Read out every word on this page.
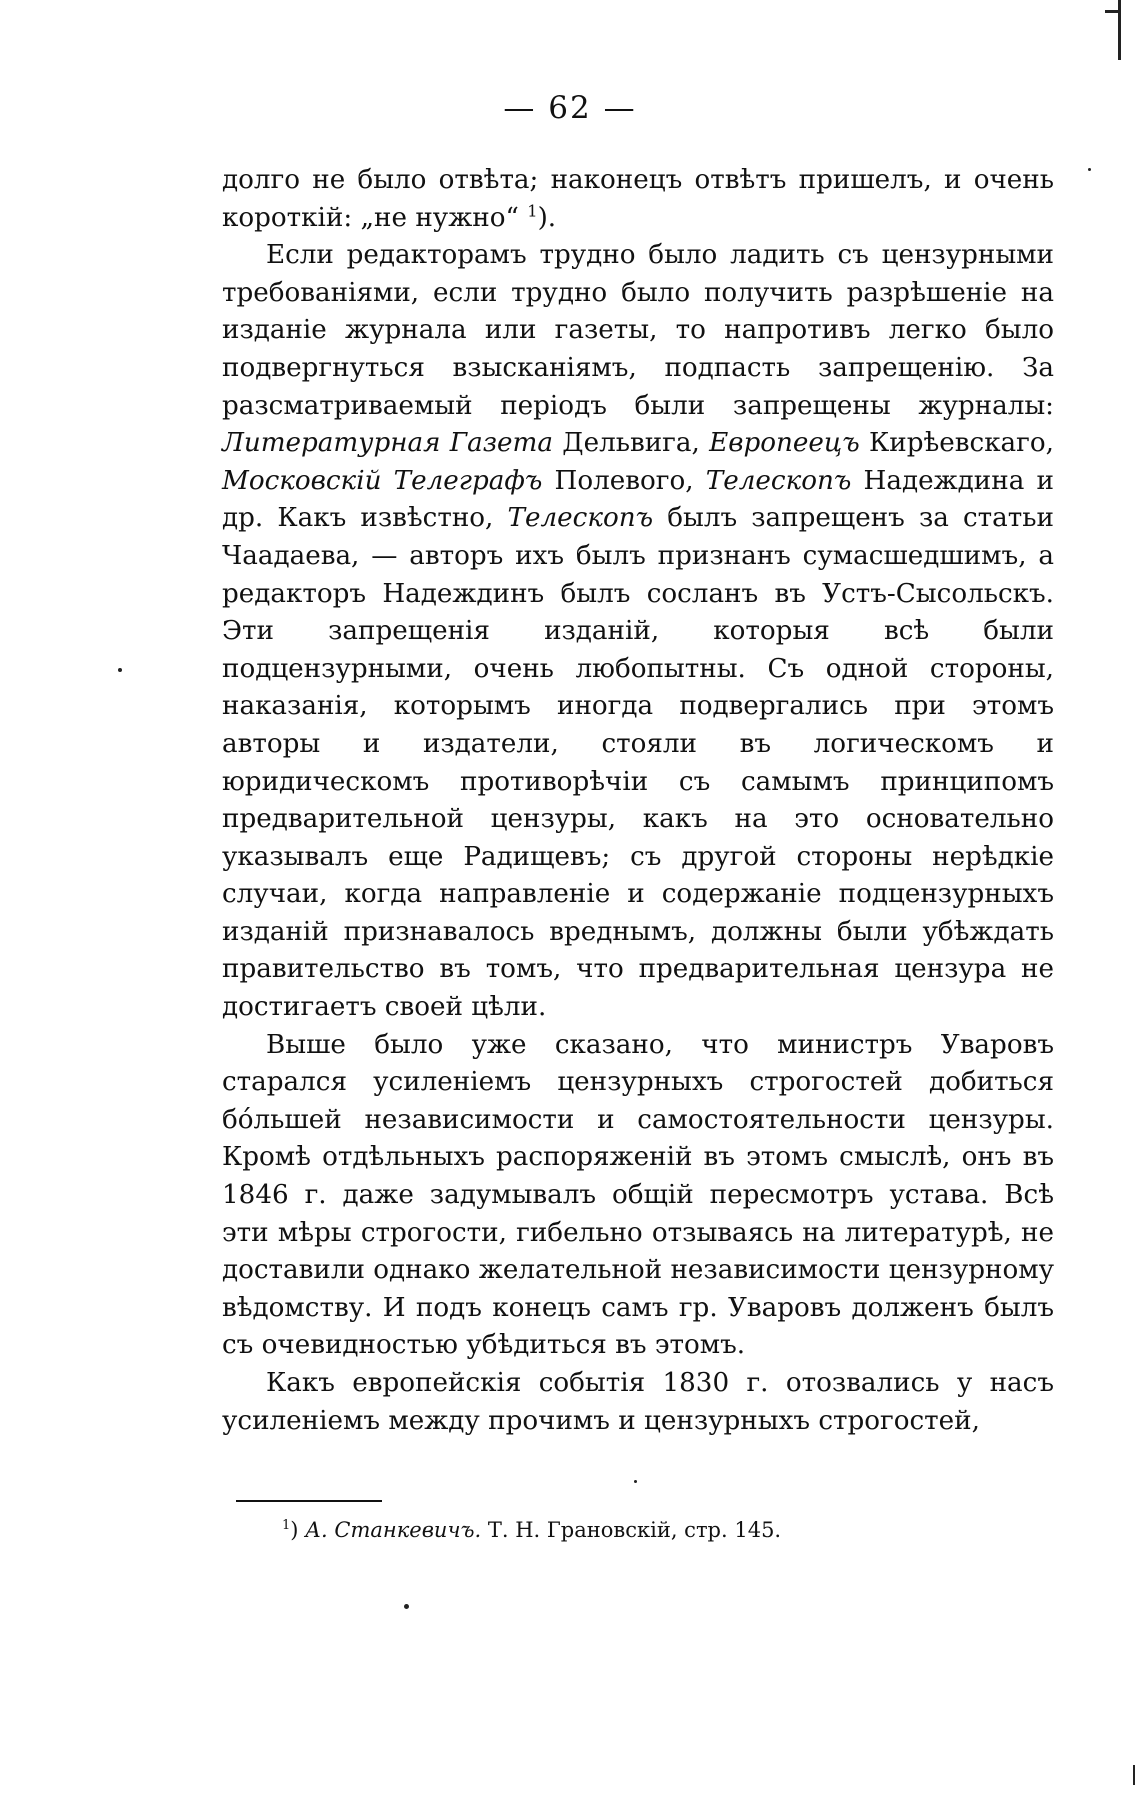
— 62 —

долго не было отвѣта; наконецъ отвѣтъ пришелъ, и очень короткій: „не нужно“ $^1$).

Если редакторамъ трудно было ладить съ цензурными требованіями, если трудно было получить разрѣшеніе на изданіе журнала или газеты, то напротивъ легко было подвергнуться взысканіямъ, подпасть запрещенію. За разсматриваемый періодъ были запрещены журналы: Литературная Газета Дельвига, Европеецъ Кирѣевскаго, Московскій Телеграфъ Полевого, Телескопъ Надеждина и др. Какъ извѣстно, Телескопъ былъ запрещенъ за статьи Чаадаева, — авторъ ихъ былъ признанъ сумасшедшимъ, а редакторъ Надеждинъ былъ сосланъ въ Устъ-Сысольскъ. Эти запрещенія изданій, которыя всѣ были подцензурными, очень любопытны. Съ одной стороны, наказанія, которымъ иногда подвергались при этомъ авторы и издатели, стояли въ логическомъ и юридическомъ противорѣчіи съ самымъ принципомъ предварительной цензуры, какъ на это основательно указывалъ еще Радищевъ; съ другой стороны нерѣдкіе случаи, когда направленіе и содержаніе подцензурныхъ изданій признавалось вреднымъ, должны были убѣждать правительство въ томъ, что предварительная цензура не достигаетъ своей цѣли.

Выше было уже сказано, что министръ Уваровъ старался усиленіемъ цензурныхъ строгостей добиться бóльшей независимости и самостоятельности цензуры. Кромѣ отдѣльныхъ распоряженій въ этомъ смыслѣ, онъ въ 1846 г. даже задумывалъ общій пересмотръ устава. Всѣ эти мѣры строгости, гибельно отзываясь на литературѣ, не доставили однако желательной независимости цензурному вѣдомству. И подъ конецъ самъ гр. Уваровъ долженъ былъ съ очевидностью убѣдиться въ этомъ.

Какъ европейскія событія 1830 г. отозвались у насъ усиленіемъ между прочимъ и цензурныхъ строгостей,

$^1$) А. Станкевичъ. Т. Н. Грановскій, стр. 145.
